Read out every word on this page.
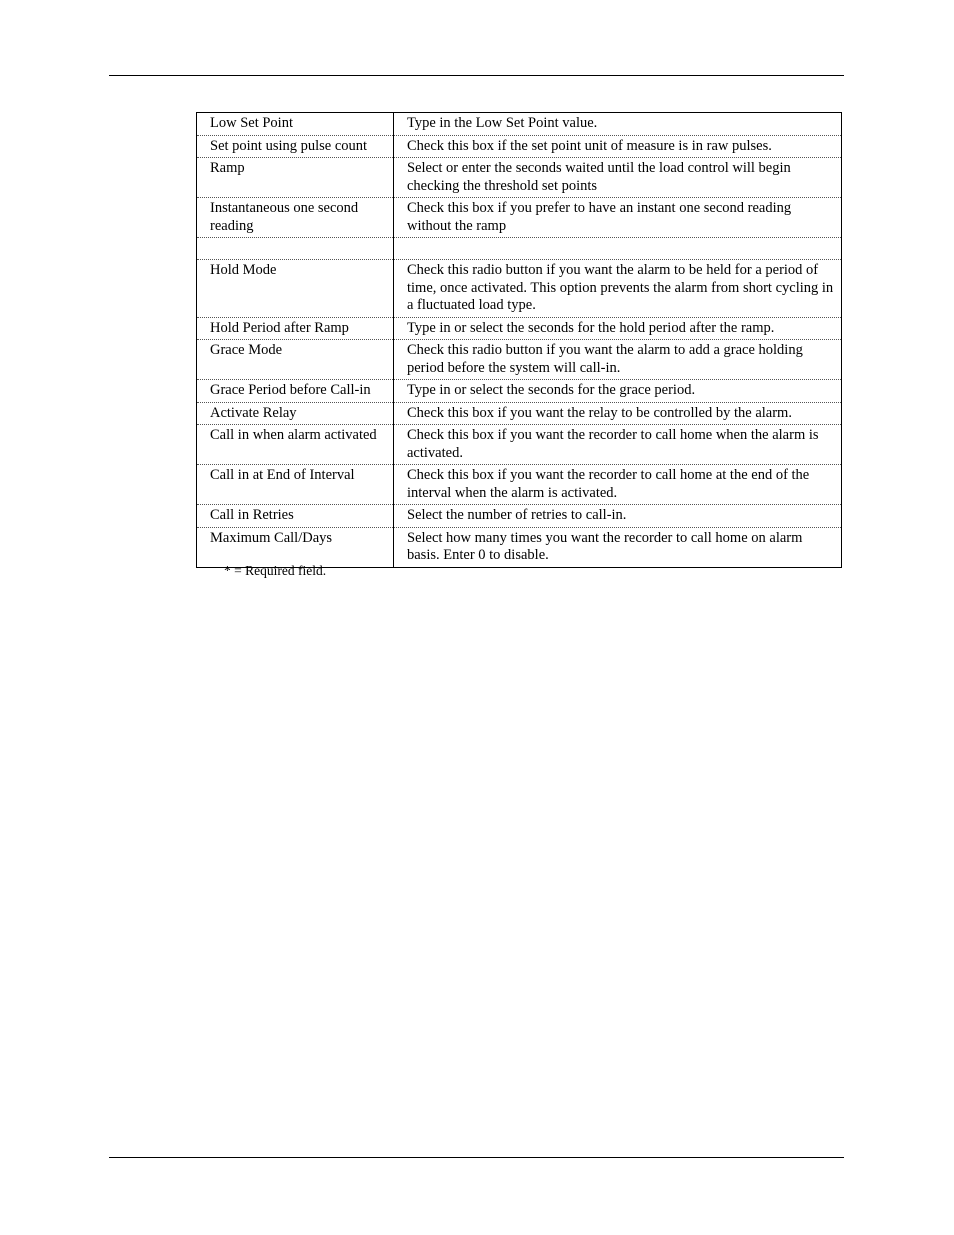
Low Set Point	Type in the Low Set Point value.
Set point using pulse count	Check this box if the set point unit of measure is in raw pulses.
Ramp	Select or enter the seconds waited until the load control will begin checking the threshold set points
Instantaneous one second reading	Check this box if you prefer to have an instant one second reading without the ramp

Hold Mode	Check this radio button if you want the alarm to be held for a period of time, once activated. This option prevents the alarm from short cycling in a fluctuated load type.
Hold Period after Ramp	Type in or select the seconds for the hold period after the ramp.
Grace Mode	Check this radio button if you want the alarm to add a grace holding period before the system will call-in.
Grace Period before Call-in	Type in or select the seconds for the grace period.
Activate Relay	Check this box if you want the relay to be controlled by the alarm.
Call in when alarm activated	Check this box if you want the recorder to call home when the alarm is activated.
Call in at End of Interval	Check this box if you want the recorder to call home at the end of the interval when the alarm is activated.
Call in Retries	Select the number of retries to call-in.
Maximum Call/Days	Select how many times you want the recorder to call home on alarm basis. Enter 0 to disable.
* = Required field.
